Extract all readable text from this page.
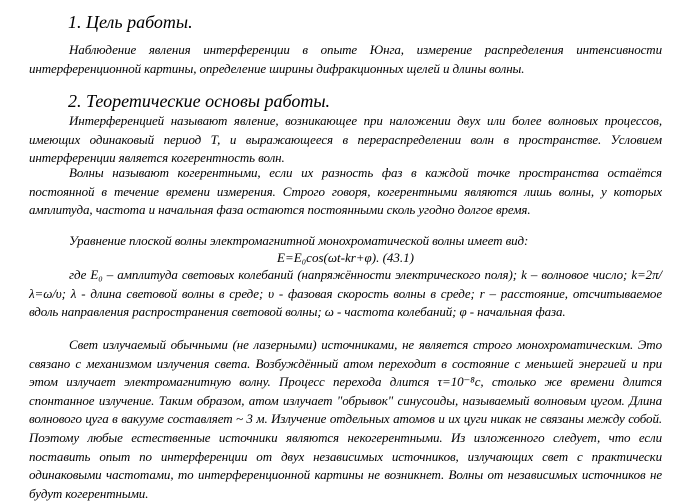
1. Цель работы.

Наблюдение явления интерференции в опыте Юнга, измерение распределения интенсивности интерференционной картины, определение ширины дифракционных щелей и длины волны.

2. Теоретические основы работы.

Интерференцией называют явление, возникающее при наложении двух или более волновых процессов, имеющих одинаковый период Т, и выражающееся в перераспределении волн в пространстве. Условием интерференции является когерентность волн.

Волны называют когерентными, если их разность фаз в каждой точке пространства остаётся постоянной в течение времени измерения. Строго говоря, когерентными являются лишь волны, у которых амплитуда, частота и начальная фаза остаются постоянными сколь угодно долгое время.

Уравнение плоской волны электромагнитной монохроматической волны имеет вид:

E=E₀cos(ωt-kr+φ). (43.1)

где E₀ – амплитуда световых колебаний (напряжённости электрического поля); k – волновое число; k=2π/λ=ω/υ; λ - длина световой волны в среде; υ - фазовая скорость волны в среде; r – расстояние, отсчитываемое вдоль направления распространения световой волны; ω - частота колебаний; φ - начальная фаза.

Свет излучаемый обычными (не лазерными) источниками, не является строго монохроматическим. Это связано с механизмом излучения света. Возбуждённый атом переходит в состояние с меньшей энергией и при этом излучает электромагнитную волну. Процесс перехода длится τ=10⁻⁸с, столько же времени длится спонтанное излучение. Таким образом, атом излучает "обрывок" синусоиды, называемый волновым цугом. Длина волнового цуга в вакууме составляет ~ 3 м. Излучение отдельных атомов и их цуги никак не связаны между собой. Поэтому любые естественные источники являются некогерентными. Из изложенного следует, что если поставить опыт по интерференции от двух независимых источников, излучающих свет с практически одинаковыми частотами, то интерференционной картины не возникнет. Волны от независимых источников не будут когерентными.
